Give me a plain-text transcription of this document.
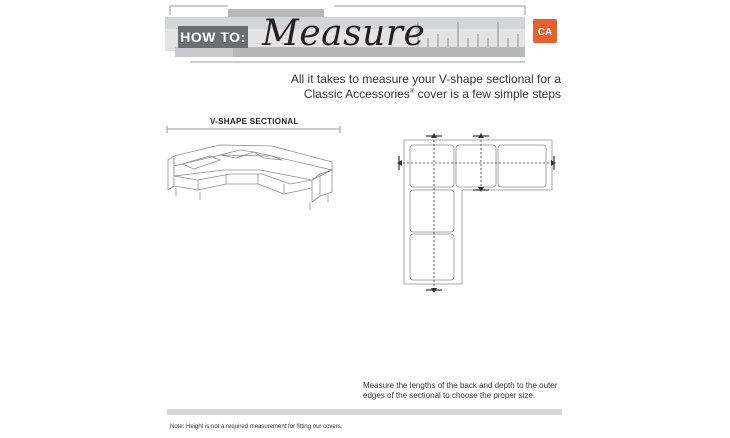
HOW TO: Measure	CA
All it takes to measure your V-shape sectional for a
Classic Accessories® cover is a few simple steps
V-SHAPE SECTIONAL
Measure the lengths of the back and depth to the outer
edges of the sectional to choose the proper size.
Note: Height is not a required measurement for fitting our covers.
